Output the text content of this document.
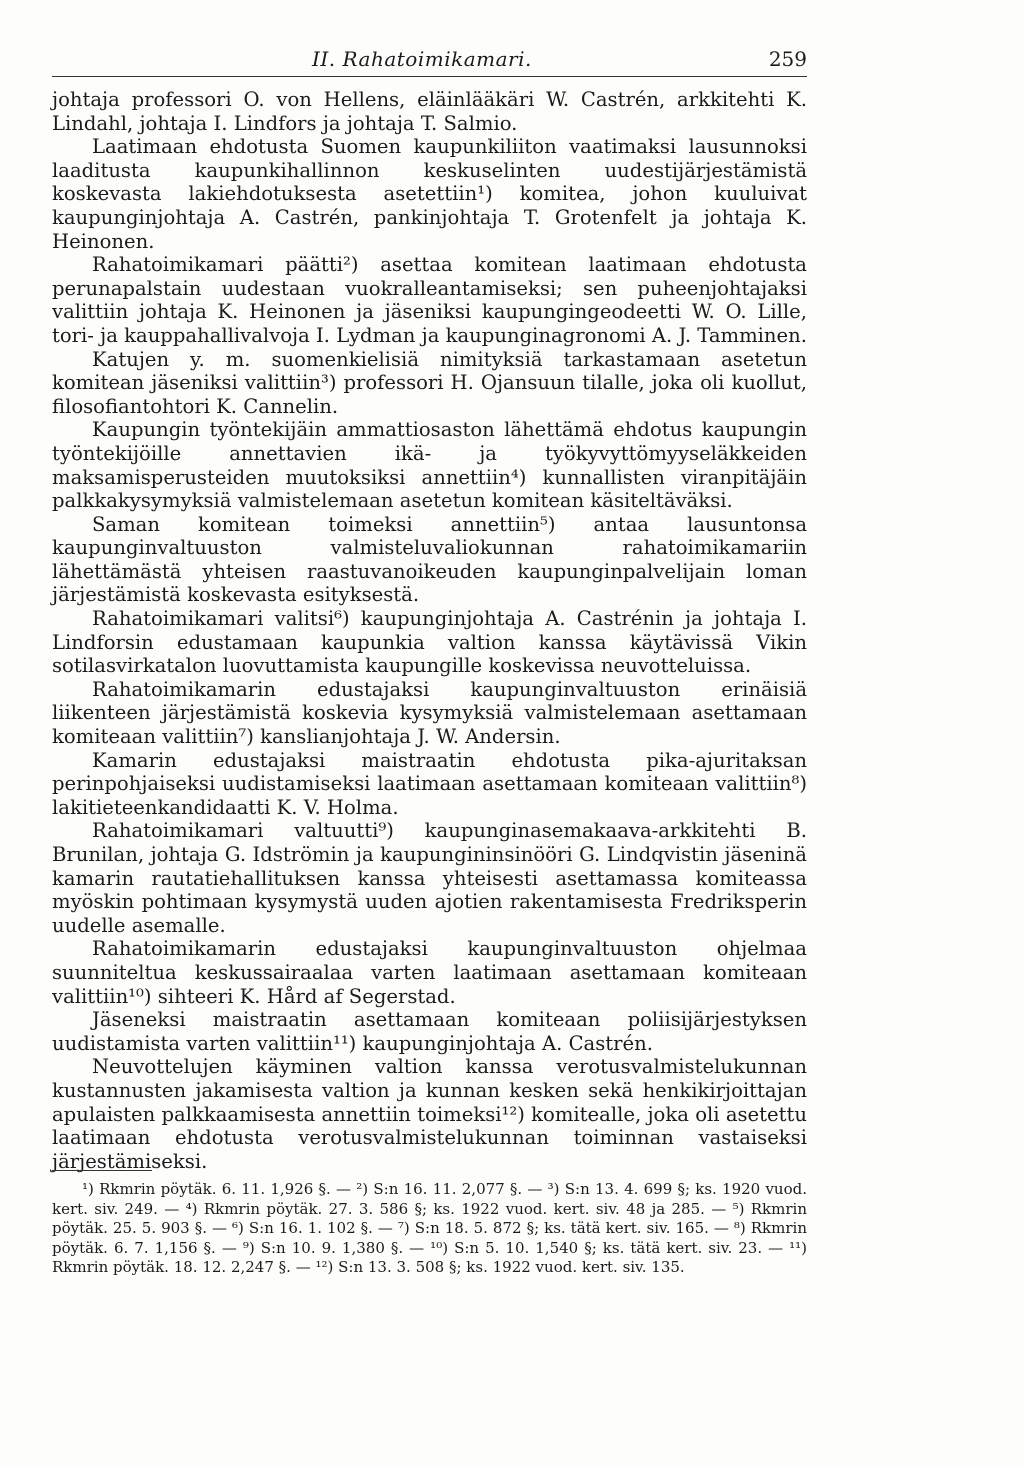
II. Rahatoimikamari.	259

johtaja professori O. von Hellens, eläinlääkäri W. Castrén, arkkitehti K. Lindahl, johtaja I. Lindfors ja johtaja T. Salmio.

Laatimaan ehdotusta Suomen kaupunkiliiton vaatimaksi lausunnoksi laaditusta kaupunkihallinnon keskuselinten uudestijärjestämistä koskevasta lakiehdotuksesta asetettiin¹) komitea, johon kuuluivat kaupunginjohtaja A. Castrén, pankinjohtaja T. Grotenfelt ja johtaja K. Heinonen.

Rahatoimikamari päätti²) asettaa komitean laatimaan ehdotusta perunapalstain uudestaan vuokralleantamiseksi; sen puheenjohtajaksi valittiin johtaja K. Heinonen ja jäseniksi kaupungingeodeetti W. O. Lille, tori- ja kauppahallivalvoja I. Lydman ja kaupunginagronomi A. J. Tamminen.

Katujen y. m. suomenkielisiä nimityksiä tarkastamaan asetetun komitean jäseniksi valittiin³) professori H. Ojansuun tilalle, joka oli kuollut, filosofiantohtori K. Cannelin.

Kaupungin työntekijäin ammattiosaston lähettämä ehdotus kaupungin työntekijöille annettavien ikä- ja työkyvyttömyyseläkkeiden maksamisperusteiden muutoksiksi annettiin⁴) kunnallisten viranpitäjäin palkkakysymyksiä valmistelemaan asetetun komitean käsiteltäväksi.

Saman komitean toimeksi annettiin⁵) antaa lausuntonsa kaupunginvaltuuston valmisteluvaliokunnan rahatoimikamariin lähettämästä yhteisen raastuvanoikeuden kaupunginpalvelijain loman järjestämistä koskevasta esityksestä.

Rahatoimikamari valitsi⁶) kaupunginjohtaja A. Castrénin ja johtaja I. Lindforsin edustamaan kaupunkia valtion kanssa käytävissä Vikin sotilasvirkatalon luovuttamista kaupungille koskevissa neuvotteluissa.

Rahatoimikamarin edustajaksi kaupunginvaltuuston erinäisiä liikenteen järjestämistä koskevia kysymyksiä valmistelemaan asettamaan komiteaan valittiin⁷) kanslianjohtaja J. W. Andersin.

Kamarin edustajaksi maistraatin ehdotusta pika-ajuritaksan perinpohjaiseksi uudistamiseksi laatimaan asettamaan komiteaan valittiin⁸) lakitieteenkandidaatti K. V. Holma.

Rahatoimikamari valtuutti⁹) kaupunginasemakaava-arkkitehti B. Brunilan, johtaja G. Idströmin ja kaupungininsinööri G. Lindqvistin jäseninä kamarin rautatiehallituksen kanssa yhteisesti asettamassa komiteassa myöskin pohtimaan kysymystä uuden ajotien rakentamisesta Fredriksperin uudelle asemalle.

Rahatoimikamarin edustajaksi kaupunginvaltuuston ohjelmaa suunniteltua keskussairaalaa varten laatimaan asettamaan komiteaan valittiin¹⁰) sihteeri K. Hård af Segerstad.

Jäseneksi maistraatin asettamaan komiteaan poliisijärjestyksen uudistamista varten valittiin¹¹) kaupunginjohtaja A. Castrén.

Neuvottelujen käyminen valtion kanssa verotusvalmistelukunnan kustannusten jakamisesta valtion ja kunnan kesken sekä henkikirjoittajan apulaisten palkkaamisesta annettiin toimeksi¹²) komitealle, joka oli asetettu laatimaan ehdotusta verotusvalmistelukunnan toiminnan vastaiseksi järjestämiseksi.

¹) Rkmrin pöytäk. 6. 11. 1,926 §. — ²) S:n 16. 11. 2,077 §. — ³) S:n 13. 4. 699 §; ks. 1920 vuod. kert. siv. 249. — ⁴) Rkmrin pöytäk. 27. 3. 586 §; ks. 1922 vuod. kert. siv. 48 ja 285. — ⁵) Rkmrin pöytäk. 25. 5. 903 §. — ⁶) S:n 16. 1. 102 §. — ⁷) S:n 18. 5. 872 §; ks. tätä kert. siv. 165. — ⁸) Rkmrin pöytäk. 6. 7. 1,156 §. — ⁹) S:n 10. 9. 1,380 §. — ¹⁰) S:n 5. 10. 1,540 §; ks. tätä kert. siv. 23. — ¹¹) Rkmrin pöytäk. 18. 12. 2,247 §. — ¹²) S:n 13. 3. 508 §; ks. 1922 vuod. kert. siv. 135.
